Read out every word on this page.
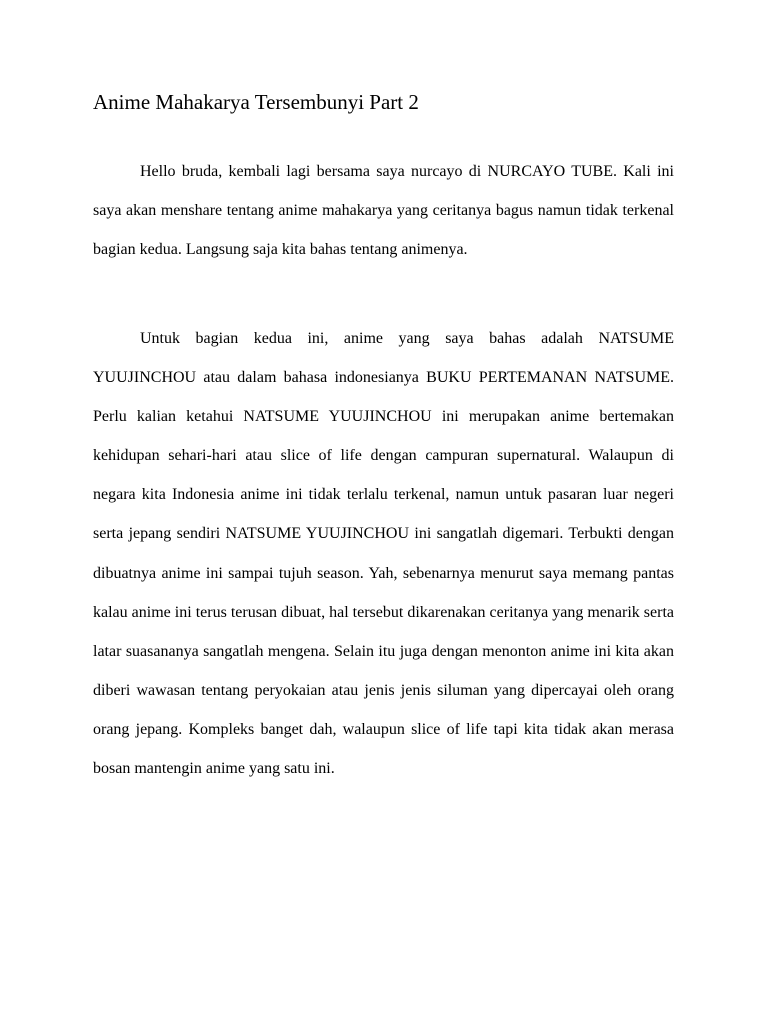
Anime Mahakarya Tersembunyi Part 2

Hello bruda, kembali lagi bersama saya nurcayo di NURCAYO TUBE. Kali ini saya akan menshare tentang anime mahakarya yang ceritanya bagus namun tidak terkenal bagian kedua. Langsung saja kita bahas tentang animenya.

Untuk bagian kedua ini, anime yang saya bahas adalah NATSUME YUUJINCHOU atau dalam bahasa indonesianya BUKU PERTEMANAN NATSUME. Perlu kalian ketahui NATSUME YUUJINCHOU ini merupakan anime bertemakan kehidupan sehari-hari atau slice of life dengan campuran supernatural. Walaupun di negara kita Indonesia anime ini tidak terlalu terkenal, namun untuk pasaran luar negeri serta jepang sendiri NATSUME YUUJINCHOU ini sangatlah digemari. Terbukti dengan dibuatnya anime ini sampai tujuh season. Yah, sebenarnya menurut saya memang pantas kalau anime ini terus terusan dibuat, hal tersebut dikarenakan ceritanya yang menarik serta latar suasananya sangatlah mengena. Selain itu juga dengan menonton anime ini kita akan diberi wawasan tentang peryokaian atau jenis jenis siluman yang dipercayai oleh orang orang jepang. Kompleks banget dah, walaupun slice of life tapi kita tidak akan merasa bosan mantengin anime yang satu ini.
